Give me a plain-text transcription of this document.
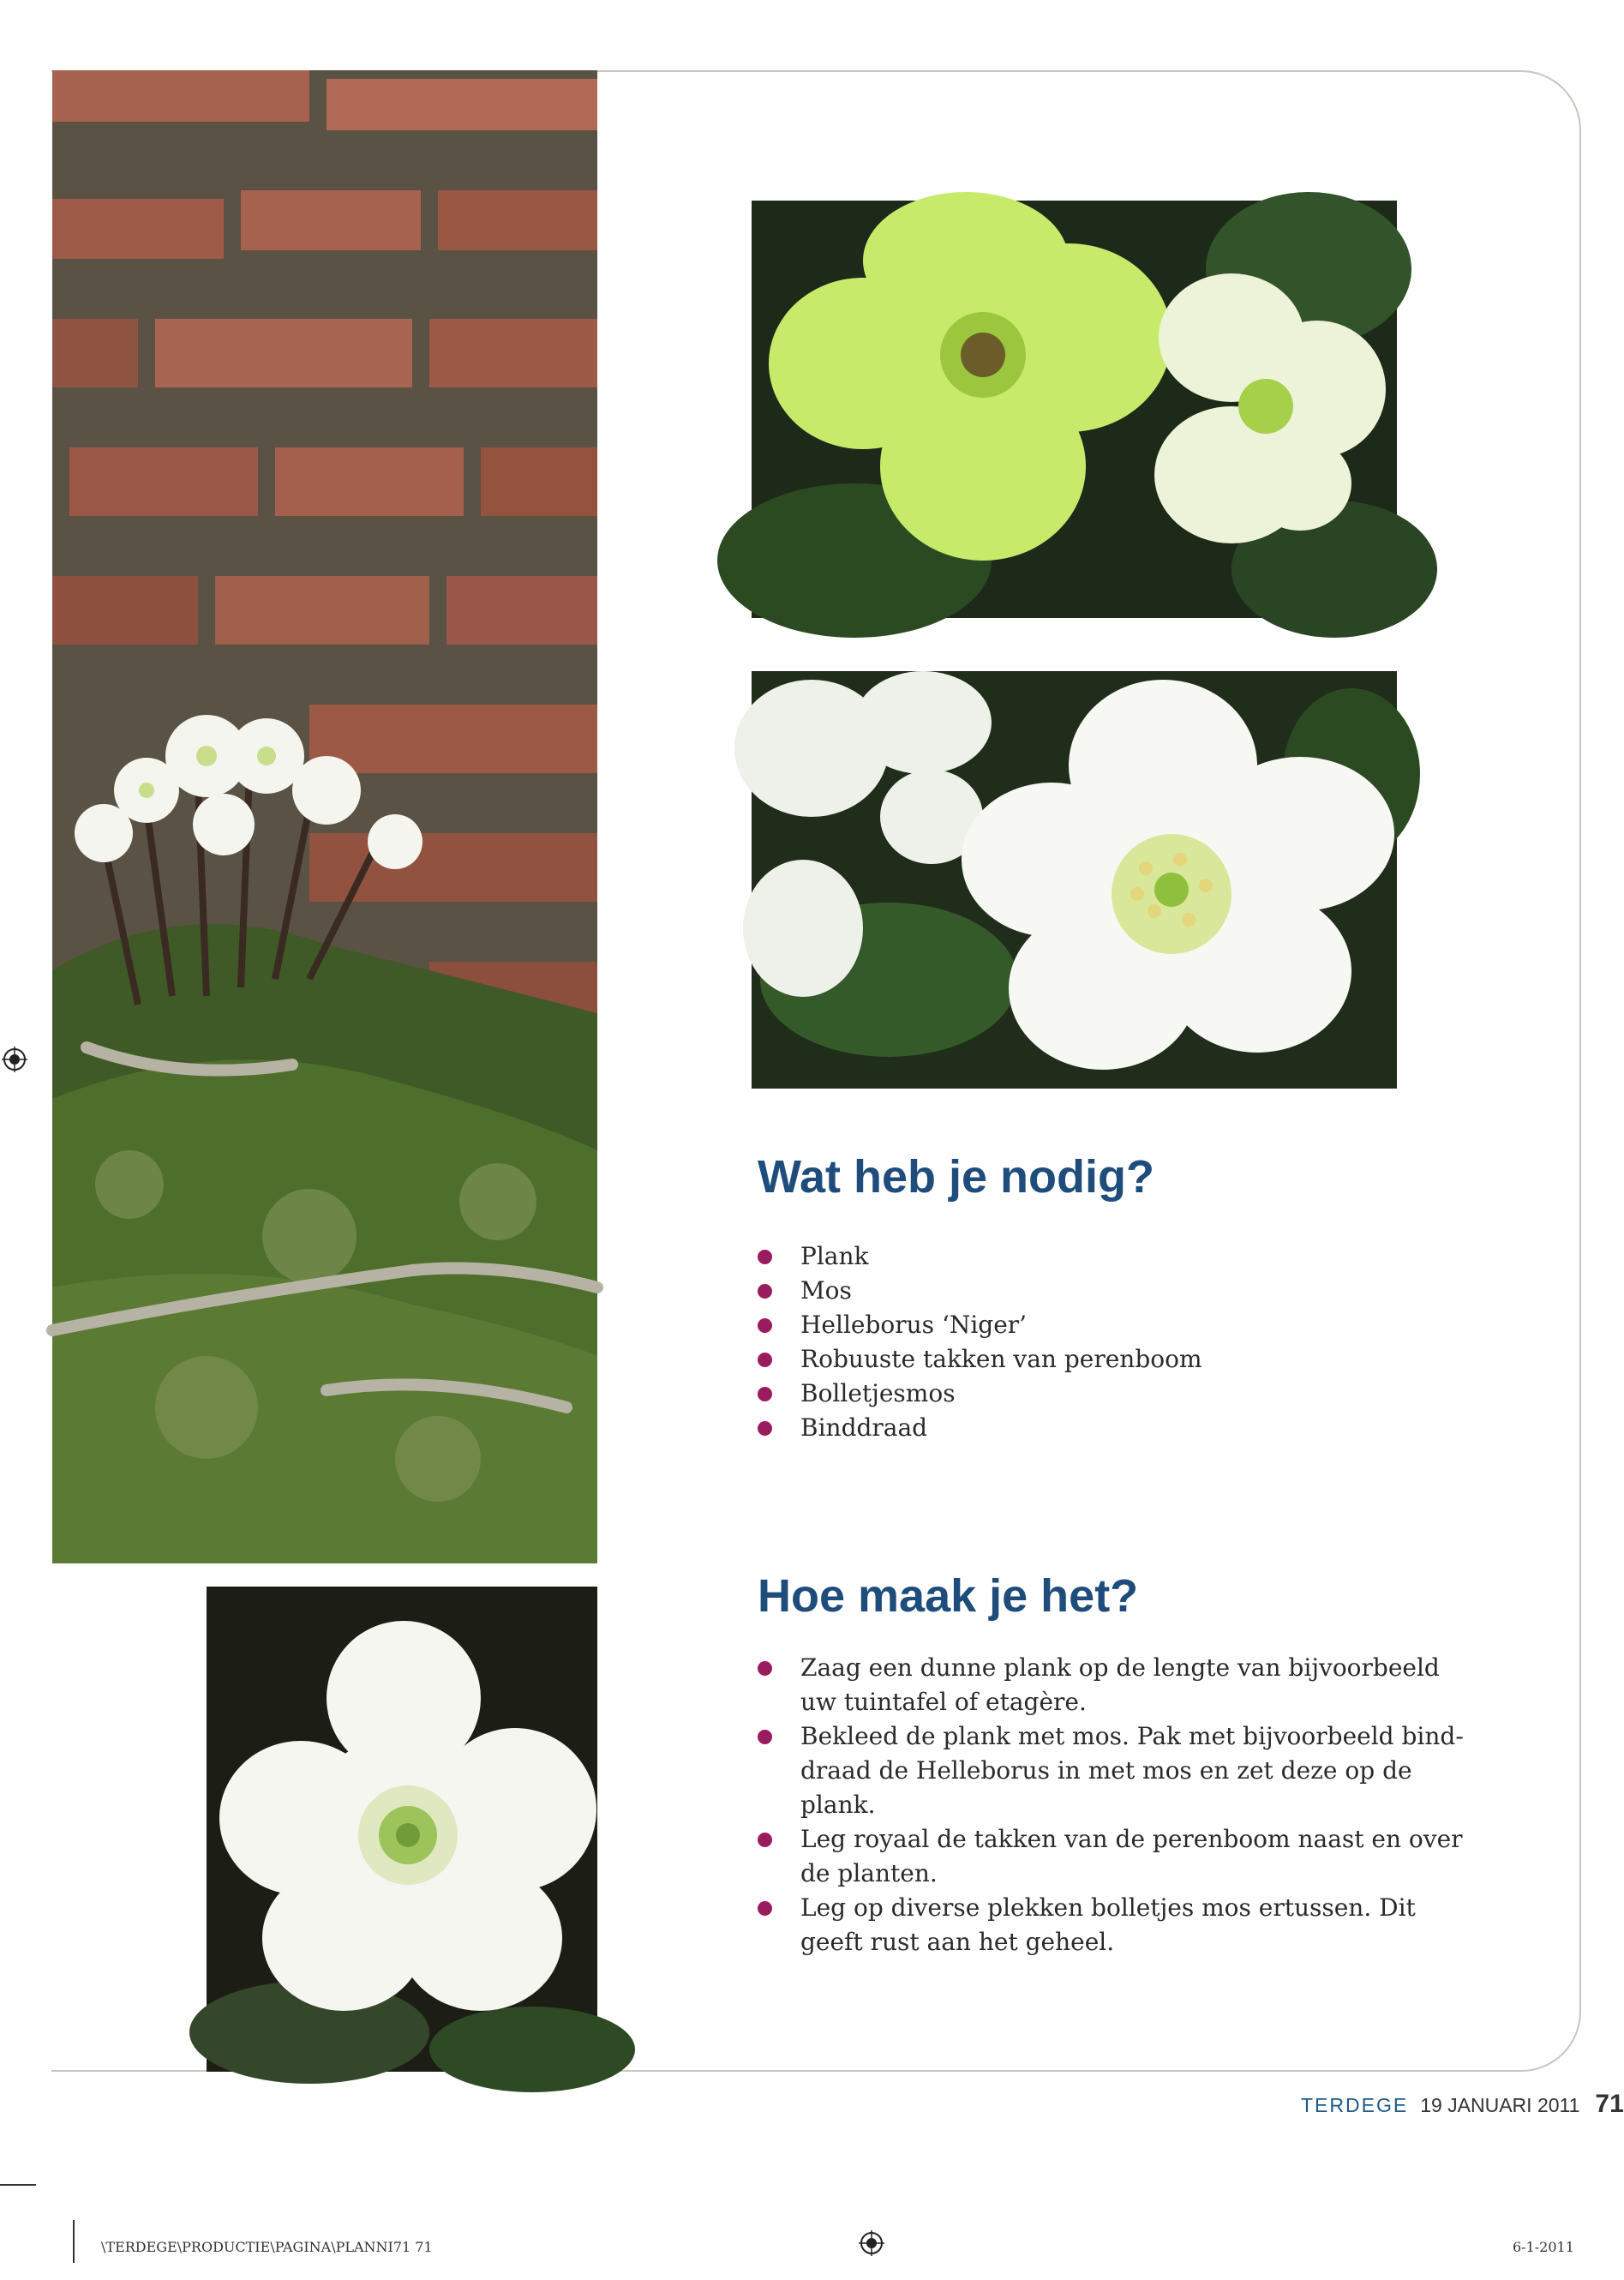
Wat heb je nodig?
Plank
Mos
Helleborus ‘Niger’
Robuuste takken van perenboom
Bolletjesmos
Binddraad
Hoe maak je het?
Zaag een dunne plank op de lengte van bijvoorbeeld uw tuintafel of etagère.
Bekleed de plank met mos. Pak met bijvoorbeeld bind-draad de Helleborus in met mos en zet deze op de plank.
Leg royaal de takken van de perenboom naast en over de planten.
Leg op diverse plekken bolletjes mos ertussen. Dit geeft rust aan het geheel.
TERDEGE 19 JANUARI 2011 71
\TERDEGE\PRODUCTIE\PAGINA\PLANNI71 71	6-1-2011
